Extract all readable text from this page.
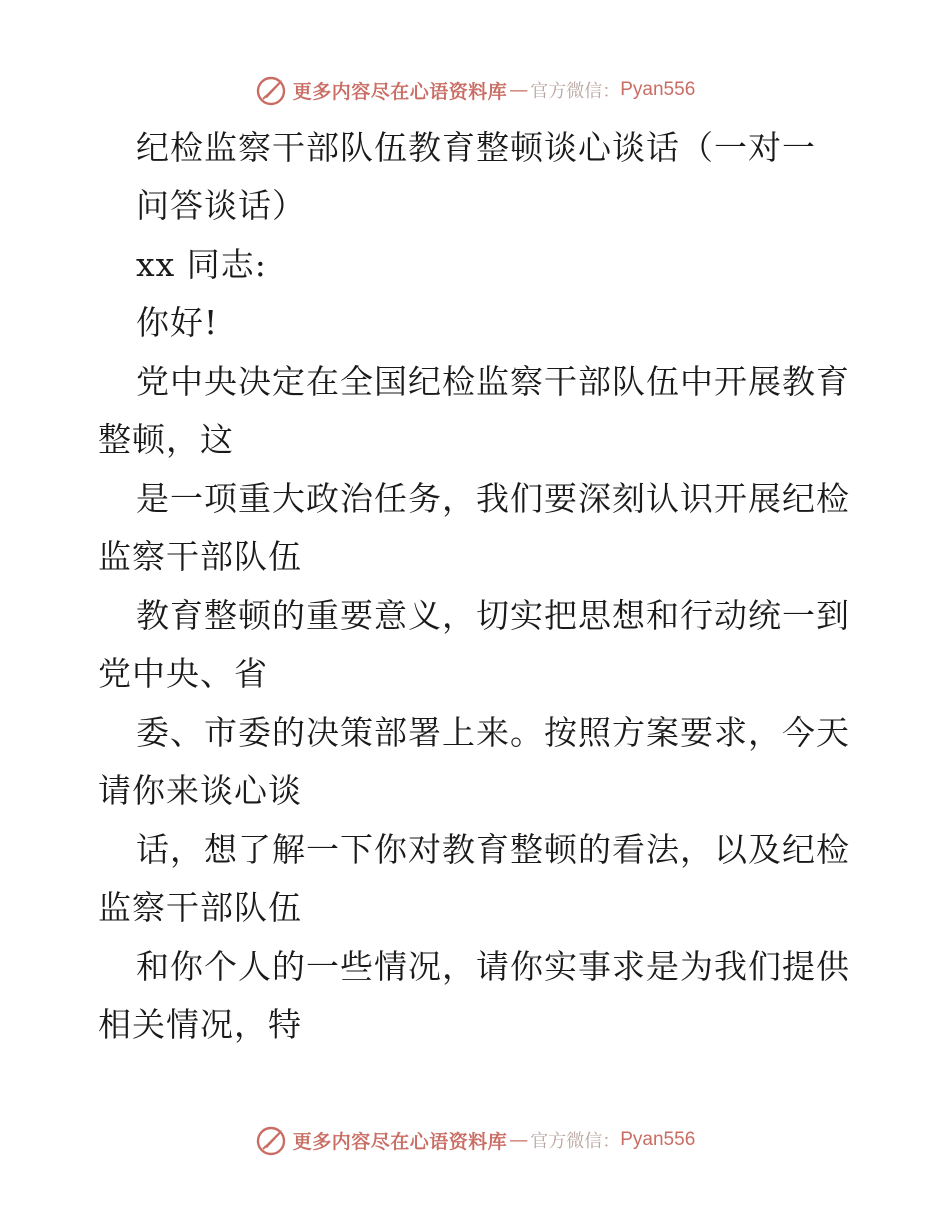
更多内容尽在心语资料库 — 官方微信： Pyan556
纪检监察干部队伍教育整顿谈心谈话（一对一
问答谈话）
xx 同志:
你好!
党中央决定在全国纪检监察干部队伍中开展教育
整顿，这
是一项重大政治任务，我们要深刻认识开展纪检
监察干部队伍
教育整顿的重要意义，切实把思想和行动统一到
党中央、省
委、市委的决策部署上来。按照方案要求，今天
请你来谈心谈
话，想了解一下你对教育整顿的看法，以及纪检
监察干部队伍
和你个人的一些情况，请你实事求是为我们提供
相关情况，特
更多内容尽在心语资料库 — 官方微信： Pyan556
